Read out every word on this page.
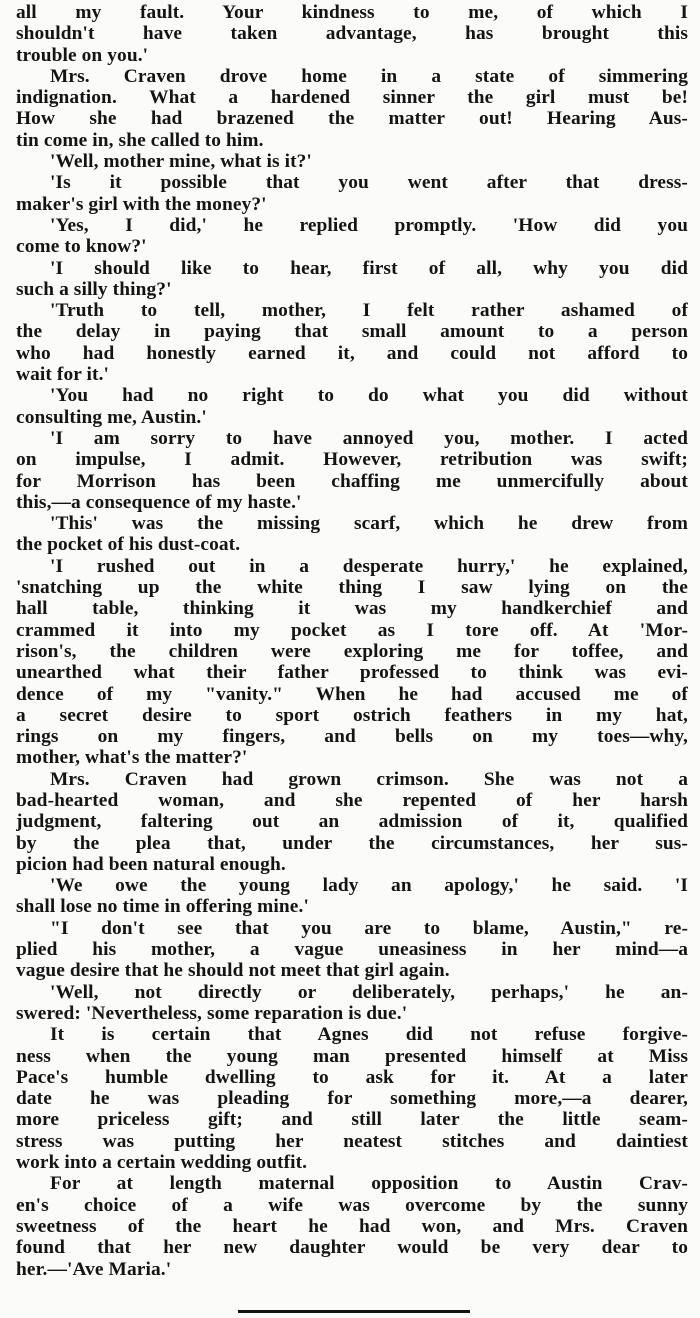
all my fault. Your kindness to me, of which I
shouldn't have taken advantage, has brought this
trouble on you.'
Mrs. Craven drove home in a state of simmering
indignation. What a hardened sinner the girl must be!
How she had brazened the matter out! Hearing Aus-
tin come in, she called to him.
'Well, mother mine, what is it?'
'Is it possible that you went after that dress-
maker's girl with the money?'
'Yes, I did,' he replied promptly. 'How did you
come to know?'
'I should like to hear, first of all, why you did
such a silly thing?'
'Truth to tell, mother, I felt rather ashamed of
the delay in paying that small amount to a person
who had honestly earned it, and could not afford to
wait for it.'
'You had no right to do what you did without
consulting me, Austin.'
'I am sorry to have annoyed you, mother. I acted
on impulse, I admit. However, retribution was swift;
for Morrison has been chaffing me unmercifully about
this,—a consequence of my haste.'
'This' was the missing scarf, which he drew from
the pocket of his dust-coat.
'I rushed out in a desperate hurry,' he explained,
'snatching up the white thing I saw lying on the
hall table, thinking it was my handkerchief and
crammed it into my pocket as I tore off. At 'Mor-
rison's, the children were exploring me for toffee, and
unearthed what their father professed to think was evi-
dence of my "vanity." When he had accused me of
a secret desire to sport ostrich feathers in my hat,
rings on my fingers, and bells on my toes—why,
mother, what's the matter?'
Mrs. Craven had grown crimson. She was not a
bad-hearted woman, and she repented of her harsh
judgment, faltering out an admission of it, qualified
by the plea that, under the circumstances, her sus-
picion had been natural enough.
'We owe the young lady an apology,' he said. 'I
shall lose no time in offering mine.'
"I don't see that you are to blame, Austin," re-
plied his mother, a vague uneasiness in her mind—a
vague desire that he should not meet that girl again.
'Well, not directly or deliberately, perhaps,' he an-
swered: 'Nevertheless, some reparation is due.'
It is certain that Agnes did not refuse forgive-
ness when the young man presented himself at Miss
Pace's humble dwelling to ask for it. At a later
date he was pleading for something more,—a dearer,
more priceless gift; and still later the little seam-
stress was putting her neatest stitches and daintiest
work into a certain wedding outfit.
For at length maternal opposition to Austin Crav-
en's choice of a wife was overcome by the sunny
sweetness of the heart he had won, and Mrs. Craven
found that her new daughter would be very dear to
her.—'Ave Maria.'
